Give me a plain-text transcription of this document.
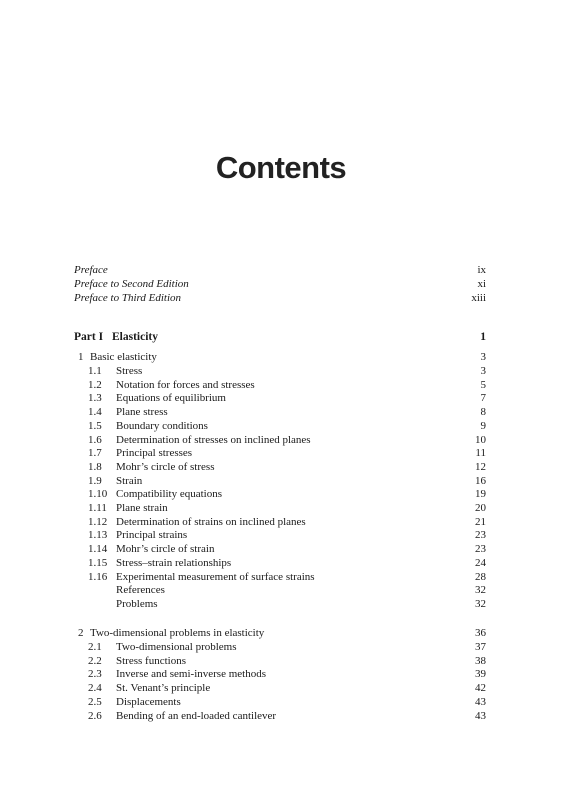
Contents
Preface	ix
Preface to Second Edition	xi
Preface to Third Edition	xiii
Part I Elasticity	1
1 Basic elasticity	3
1.1	Stress	3
1.2	Notation for forces and stresses	5
1.3	Equations of equilibrium	7
1.4	Plane stress	8
1.5	Boundary conditions	9
1.6	Determination of stresses on inclined planes	10
1.7	Principal stresses	11
1.8	Mohr’s circle of stress	12
1.9	Strain	16
1.10 Compatibility equations	19
1.11 Plane strain	20
1.12 Determination of strains on inclined planes	21
1.13 Principal strains	23
1.14 Mohr’s circle of strain	23
1.15 Stress–strain relationships	24
1.16 Experimental measurement of surface strains	28
References	32
Problems	32
2 Two-dimensional problems in elasticity	36
2.1	Two-dimensional problems	37
2.2	Stress functions	38
2.3	Inverse and semi-inverse methods	39
2.4	St. Venant’s principle	42
2.5	Displacements	43
2.6	Bending of an end-loaded cantilever	43
